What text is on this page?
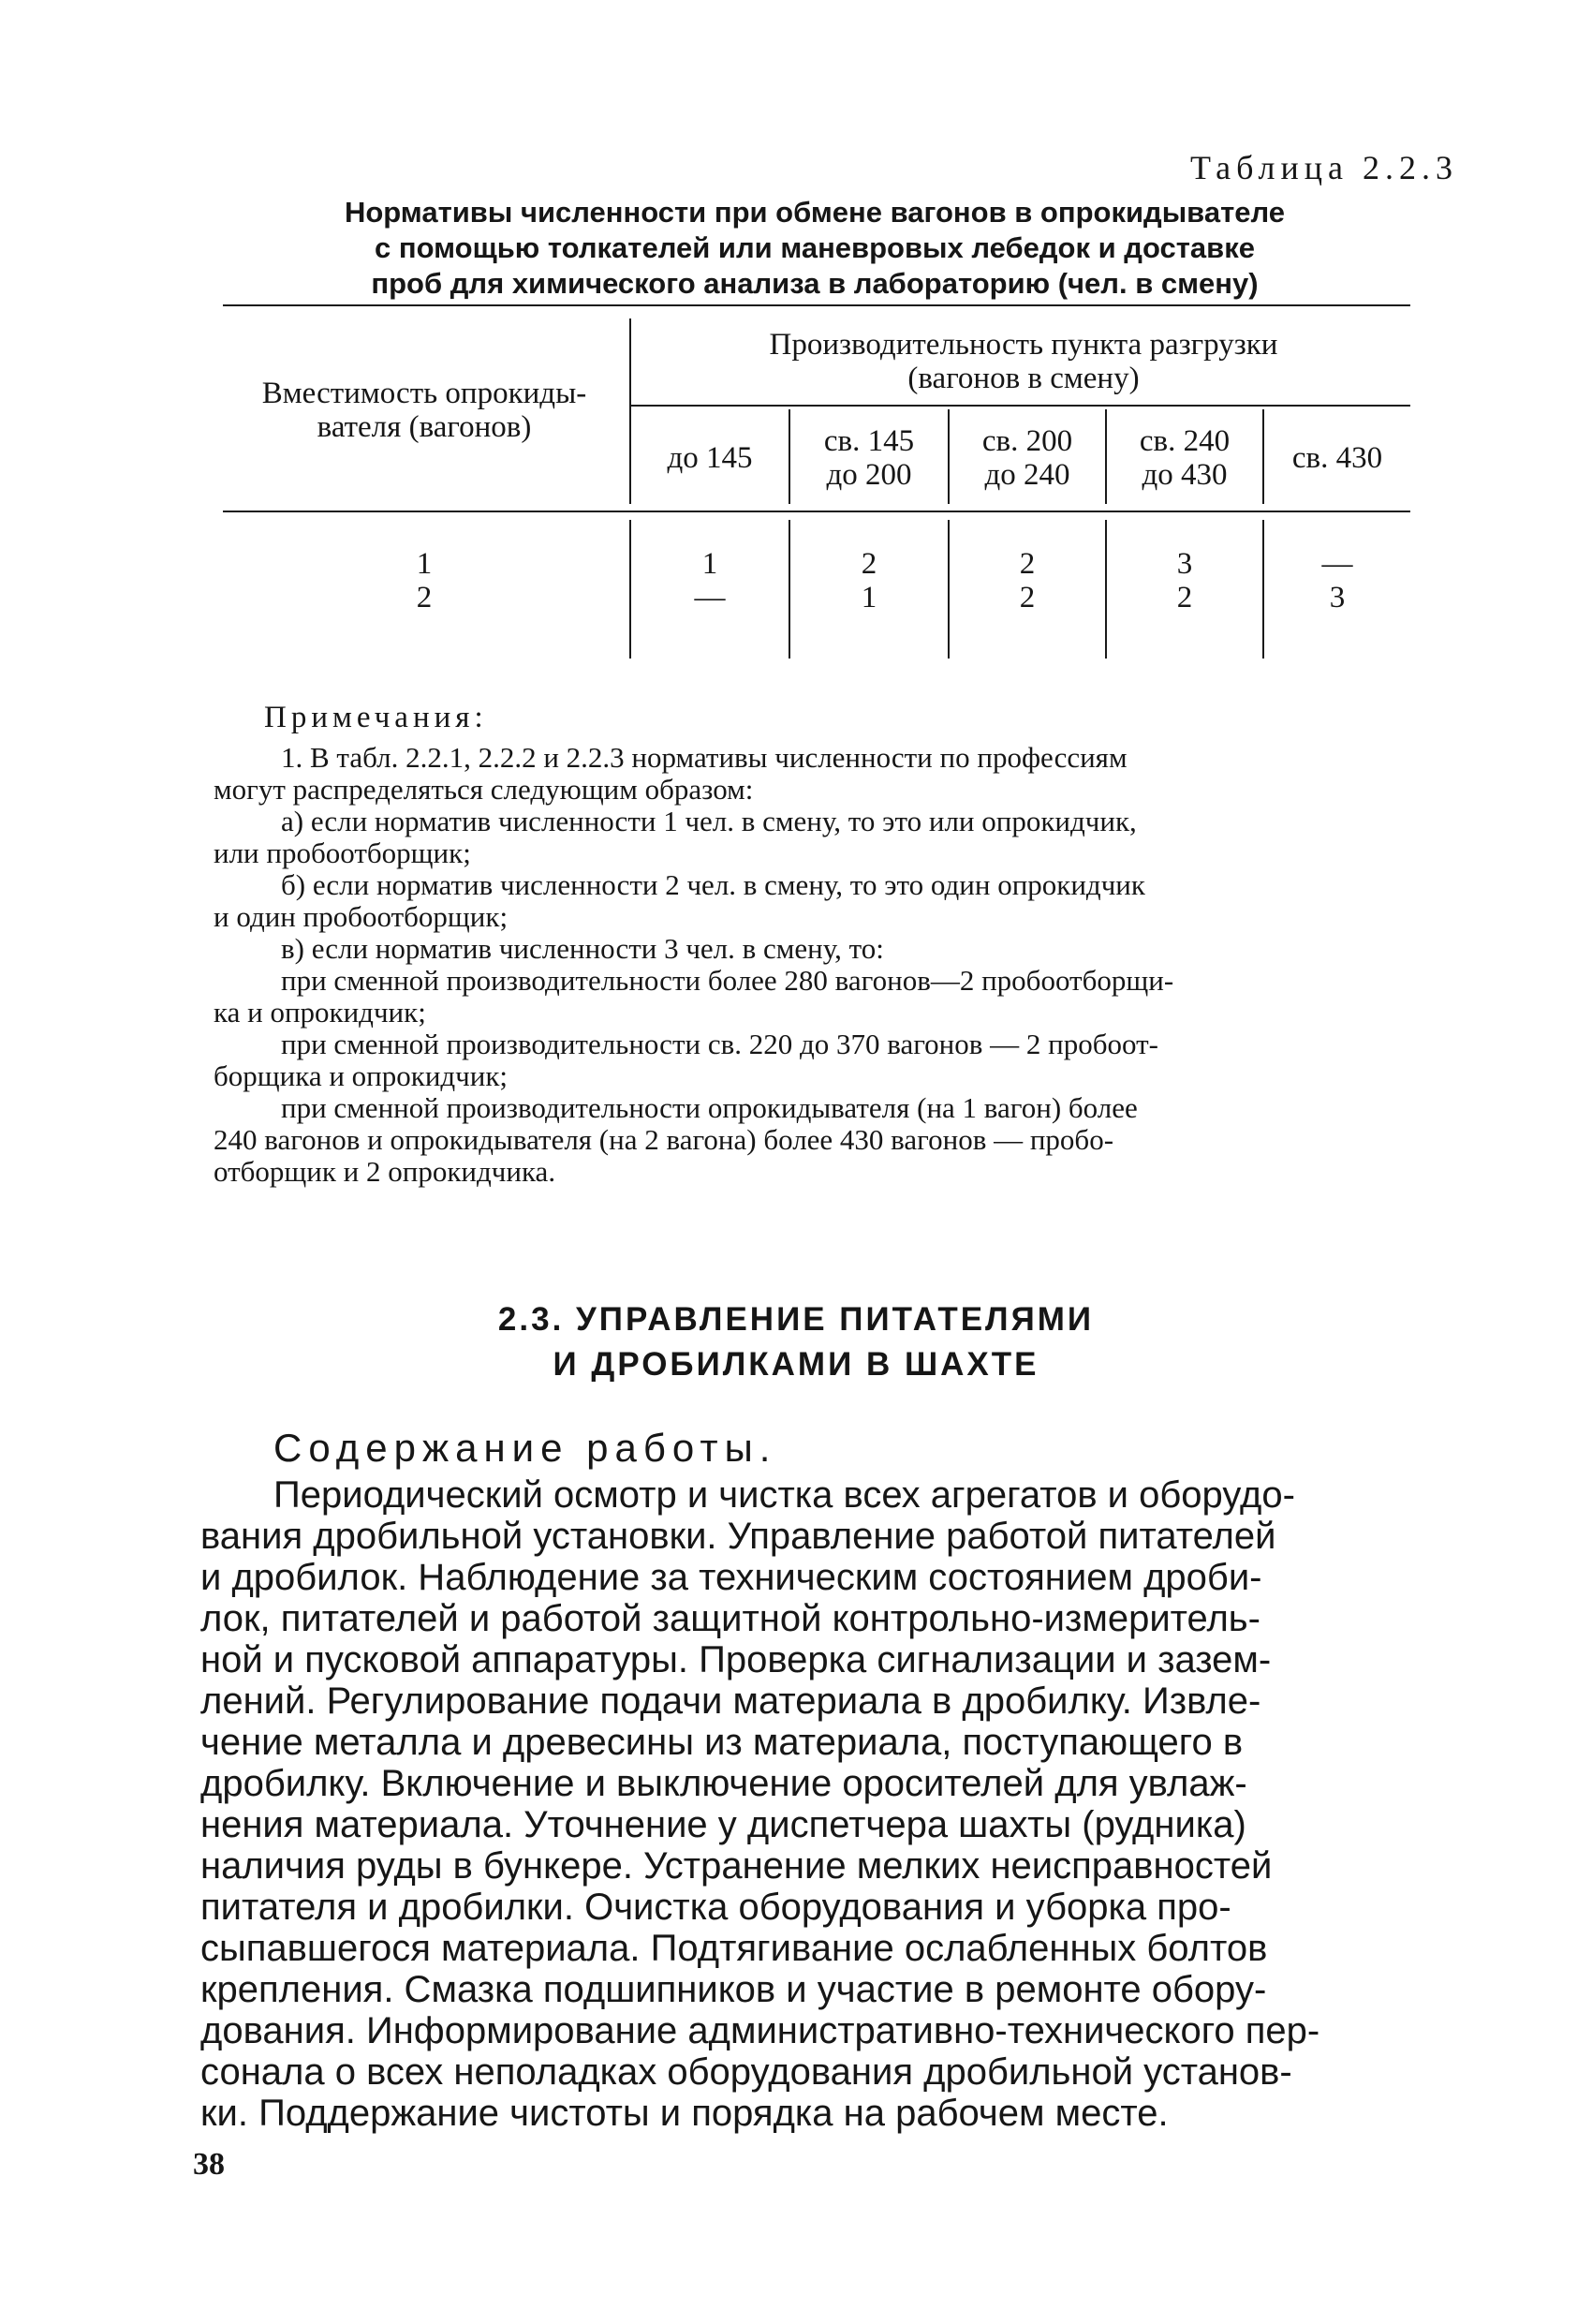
Таблица 2.2.3
Нормативы численности при обмене вагонов в опрокидывателе
с помощью толкателей или маневровых лебедок и доставке
проб для химического анализа в лабораторию (чел. в смену)
Вместимость опрокиды-
вателя (вагонов)
Производительность пункта разгрузки
(вагонов в смену)
до 145	св. 145
до 200
св. 200
до 240
св. 240
до 430	св. 430
1
2
1
—
2
1
2
2
3
2
—
3
Примечания:
1. В табл. 2.2.1, 2.2.2 и 2.2.3 нормативы численности по профессиям
могут распределяться следующим образом:
а) если норматив численности 1 чел. в смену, то это или опрокидчик,
или пробоотборщик;
б) если норматив численности 2 чел. в смену, то это один опрокидчик
и один пробоотборщик;
в) если норматив численности 3 чел. в смену, то:
при сменной производительности более 280 вагонов—2 пробоотборщи-
ка и опрокидчик;
при сменной производительности св. 220 до 370 вагонов — 2 пробоот-
борщика и опрокидчик;
при сменной производительности опрокидывателя (на 1 вагон) более
240 вагонов и опрокидывателя (на 2 вагона) более 430 вагонов — пробо-
отборщик и 2 опрокидчика.
2.3. УПРАВЛЕНИЕ ПИТАТЕЛЯМИ
И ДРОБИЛКАМИ В ШАХТЕ
Содержание работы.
Периодический осмотр и чистка всех агрегатов и оборудо-
вания дробильной установки. Управление работой питателей
и дробилок. Наблюдение за техническим состоянием дроби-
лок, питателей и работой защитной контрольно-измеритель-
ной и пусковой аппаратуры. Проверка сигнализации и зазем-
лений. Регулирование подачи материала в дробилку. Извле-
чение металла и древесины из материала, поступающего в
дробилку. Включение и выключение оросителей для увлаж-
нения материала. Уточнение у диспетчера шахты (рудника)
наличия руды в бункере. Устранение мелких неисправностей
питателя и дробилки. Очистка оборудования и уборка про-
сыпавшегося материала. Подтягивание ослабленных болтов
крепления. Смазка подшипников и участие в ремонте обору-
дования. Информирование административно-технического пер-
сонала о всех неполадках оборудования дробильной установ-
ки. Поддержание чистоты и порядка на рабочем месте.
38
